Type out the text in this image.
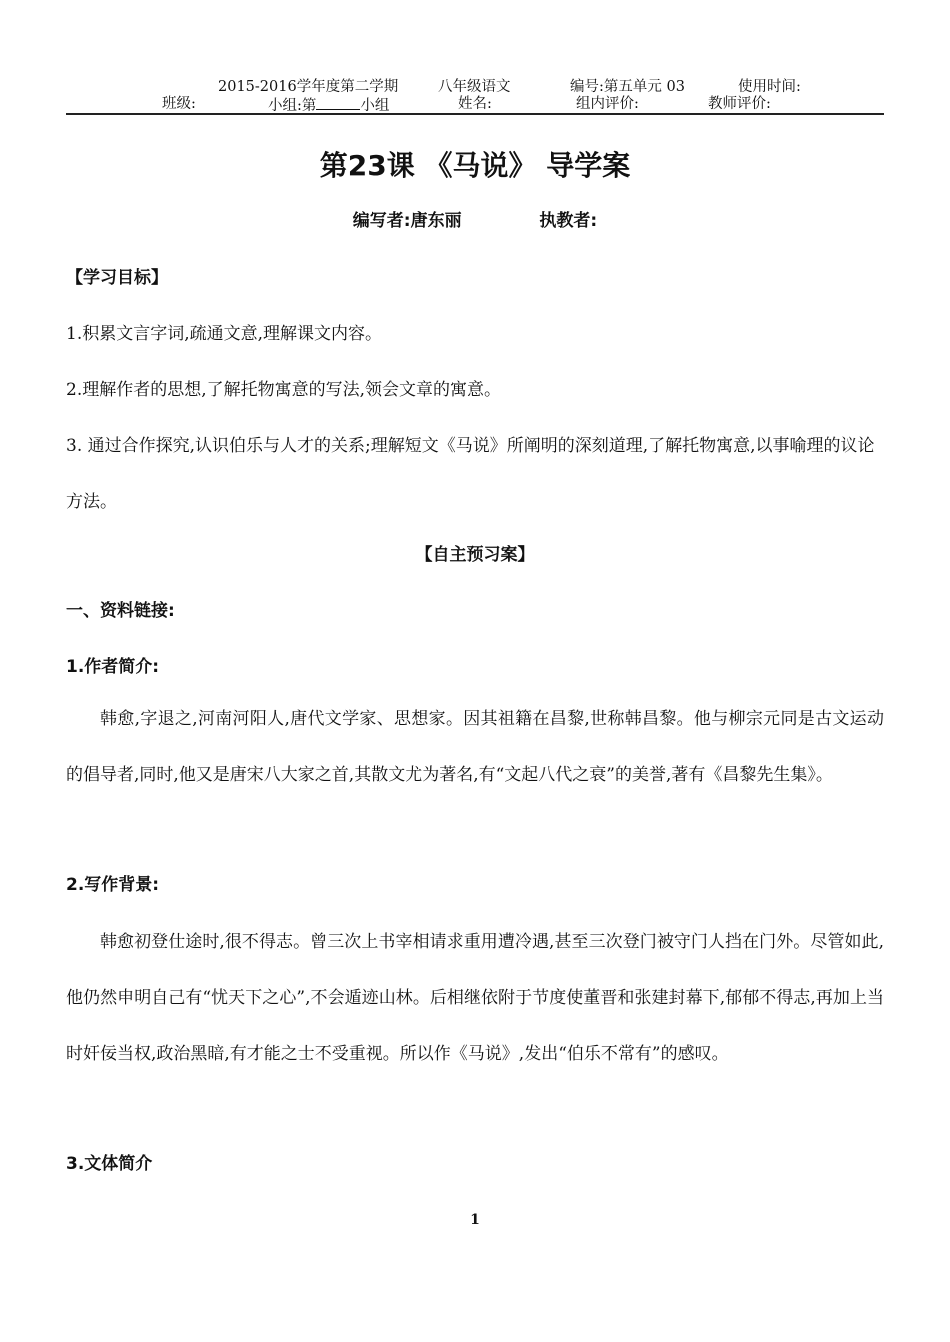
2015-2016学年度第二学期	八年级语文	编号:第五单元 03	使用时间:
班级:	小组:第	小组	姓名:	组内评价:	教师评价:
第23课 《马说》 导学案
编写者:唐东丽	执教者:
【学习目标】
1.积累文言字词,疏通文意,理解课文内容。
2.理解作者的思想,了解托物寓意的写法,领会文章的寓意。
3. 通过合作探究,认识伯乐与人才的关系;理解短文《马说》所阐明的深刻道理,了解托物寓意,以事喻理的议论方法。
【自主预习案】
一、资料链接:
1.作者简介:
韩愈,字退之,河南河阳人,唐代文学家、思想家。因其祖籍在昌黎,世称韩昌黎。他与柳宗元同是古文运动的倡导者,同时,他又是唐宋八大家之首,其散文尤为著名,有“文起八代之衰”的美誉,著有《昌黎先生集》。
2.写作背景:
韩愈初登仕途时,很不得志。曾三次上书宰相请求重用遭冷遇,甚至三次登门被守门人挡在门外。尽管如此,他仍然申明自己有“忧天下之心”,不会遁迹山林。后相继依附于节度使董晋和张建封幕下,郁郁不得志,再加上当时奸佞当权,政治黑暗,有才能之士不受重视。所以作《马说》,发出“伯乐不常有”的感叹。
3.文体简介
1
